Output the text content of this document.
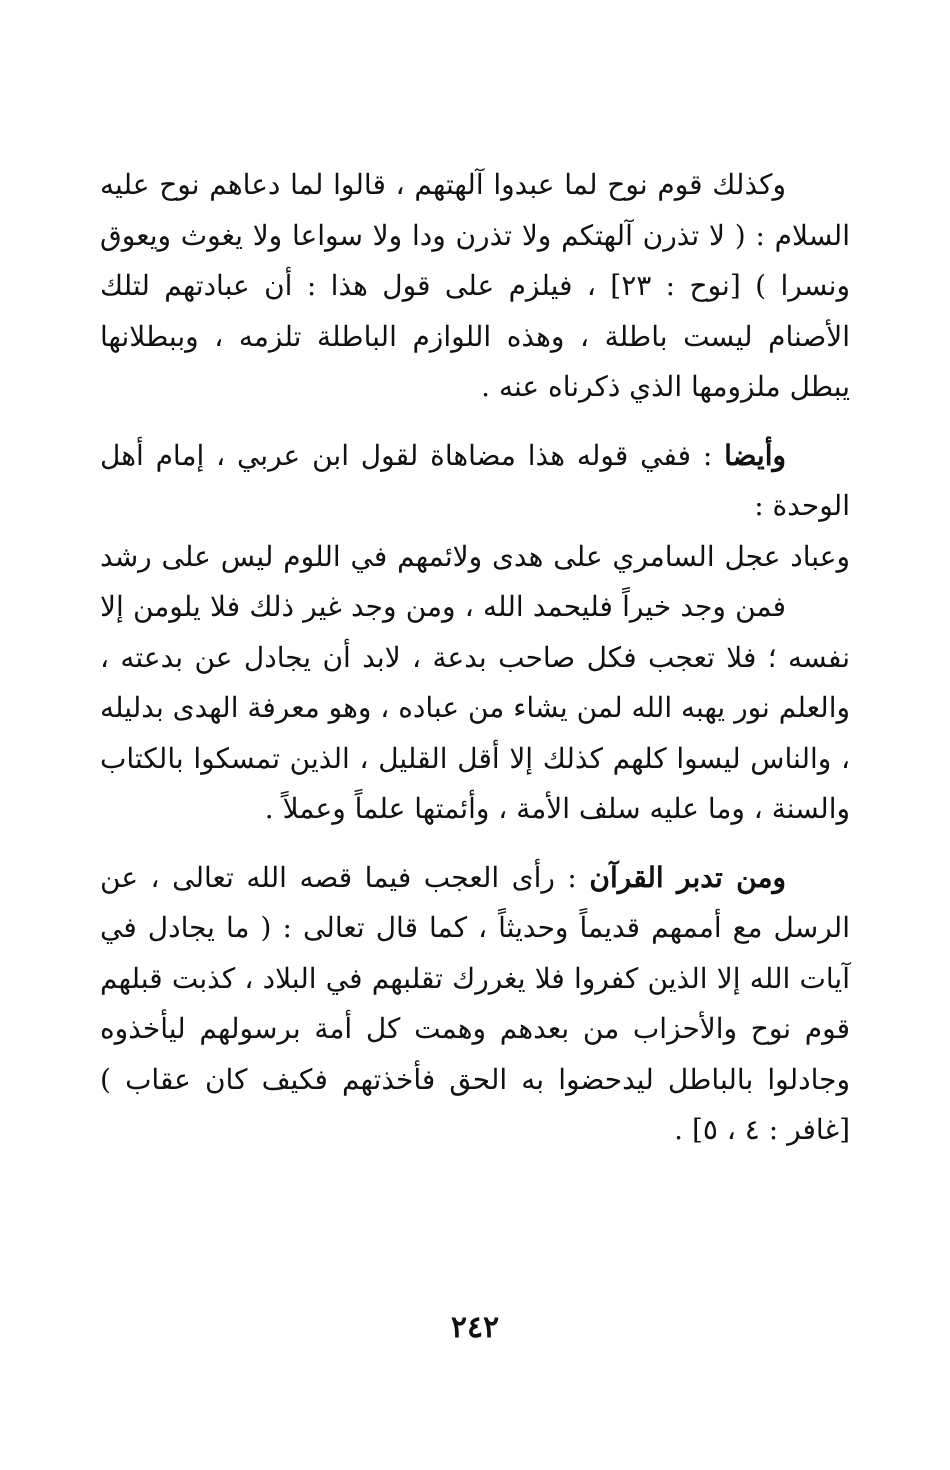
وكذلك قوم نوح لما عبدوا آلهتهم ، قالوا لما دعاهم نوح عليه السلام : ( لا تذرن آلهتكم ولا تذرن ودا ولا سواعا ولا يغوث ويعوق ونسرا ) [نوح : ٢٣] ، فيلزم على قول هذا : أن عبادتهم لتلك الأصنام ليست باطلة ، وهذه اللوازم الباطلة تلزمه ، وببطلانها يبطل ملزومها الذي ذكرناه عنه .

وأيضا : ففي قوله هذا مضاهاة لقول ابن عربي ، إمام أهل الوحدة :

وعباد عجل السامري على هدى ولائمهم في اللوم ليس على رشد

فمن وجد خيراً فليحمد الله ، ومن وجد غير ذلك فلا يلومن إلا نفسه ؛ فلا تعجب فكل صاحب بدعة ، لابد أن يجادل عن بدعته ، والعلم نور يهبه الله لمن يشاء من عباده ، وهو معرفة الهدى بدليله ، والناس ليسوا كلهم كذلك إلا أقل القليل ، الذين تمسكوا بالكتاب والسنة ، وما عليه سلف الأمة ، وأئمتها علماً وعملاً .

ومن تدبر القرآن : رأى العجب فيما قصه الله تعالى ، عن الرسل مع أممهم قديماً وحديثاً ، كما قال تعالى : ( ما يجادل في آيات الله إلا الذين كفروا فلا يغررك تقلبهم في البلاد ، كذبت قبلهم قوم نوح والأحزاب من بعدهم وهمت كل أمة برسولهم ليأخذوه وجادلوا بالباطل ليدحضوا به الحق فأخذتهم فكيف كان عقاب ) [غافر : ٤ ، ٥] .

٢٤٢
